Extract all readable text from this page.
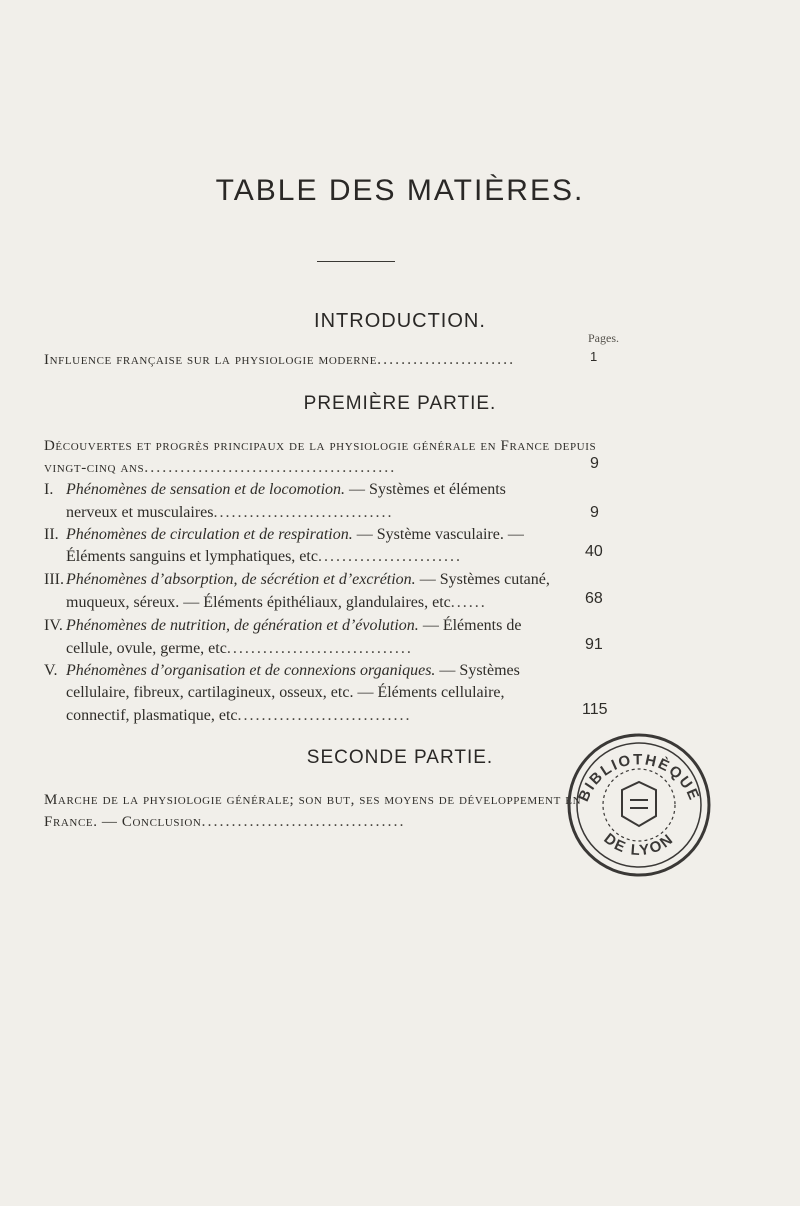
TABLE DES MATIÈRES.
INTRODUCTION.
Pages.
Influence française sur la physiologie moderne.......................	1
PREMIÈRE PARTIE.
Découvertes et progrès principaux de la physiologie générale en France depuis
vingt-cinq ans..........................................	9
I. Phénomènes de sensation et de locomotion. — Systèmes et éléments
nerveux et musculaires..............................	9
II. Phénomènes de circulation et de respiration. — Système vasculaire. —
Éléments sanguins et lymphatiques, etc........................	40
III. Phénomènes d’absorption, de sécrétion et d’excrétion. — Systèmes cutané,
muqueux, séreux. — Éléments épithéliaux, glandulaires, etc......	68
IV. Phénomènes de nutrition, de génération et d’évolution. — Éléments de
cellule, ovule, germe, etc...............................	91
V. Phénomènes d’organisation et de connexions organiques. — Systèmes
cellulaire, fibreux, cartilagineux, osseux, etc. — Éléments cellulaire,
connectif, plasmatique, etc.............................	115
SECONDE PARTIE.
Marche de la physiologie générale; son but, ses moyens de développement en
France. — Conclusion..................................
BIBLIOTHÈQUE
DE LYON
